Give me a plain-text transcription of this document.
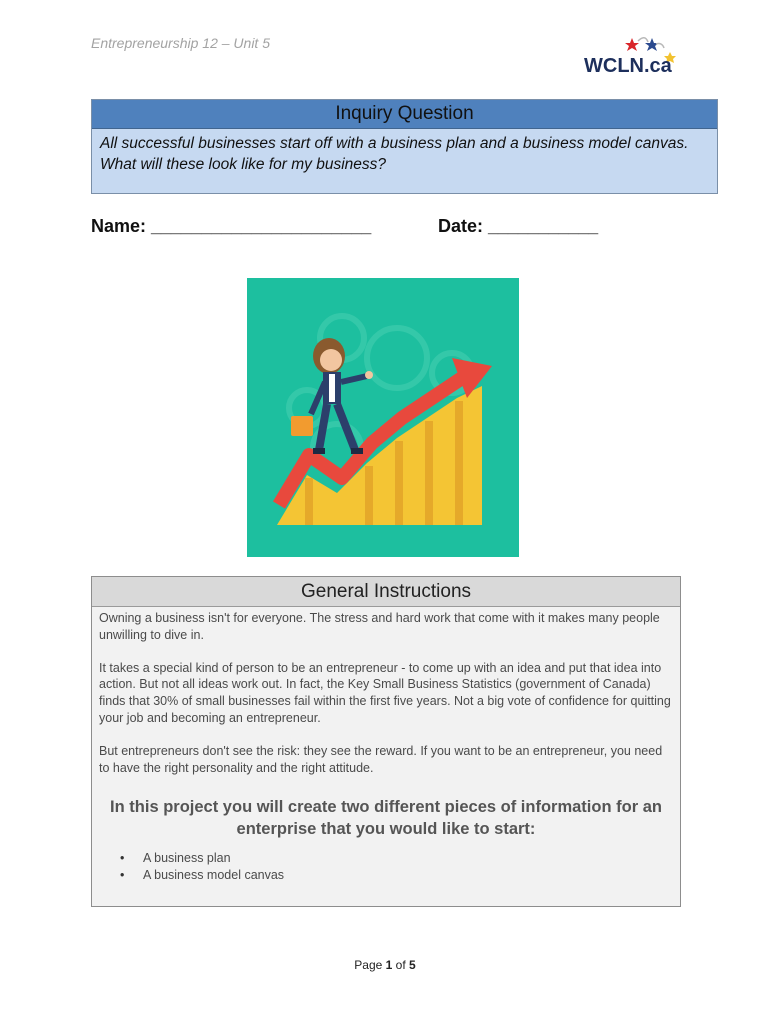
Entrepreneurship 12 – Unit 5
WCLN.ca
Inquiry Question
All successful businesses start off with a business plan and a business model canvas. What will these look like for my business?
Name: ______________________	Date: ___________
General Instructions

Owning a business isn't for everyone. The stress and hard work that come with it makes many people unwilling to dive in.

It takes a special kind of person to be an entrepreneur - to come up with an idea and put that idea into action. But not all ideas work out. In fact, the Key Small Business Statistics (government of Canada) finds that 30% of small businesses fail within the first five years. Not a big vote of confidence for quitting your job and becoming an entrepreneur.

But entrepreneurs don't see the risk: they see the reward. If you want to be an entrepreneur, you need to have the right personality and the right attitude.

In this project you will create two different pieces of information for an enterprise that you would like to start:

• A business plan
• A business model canvas
Page 1 of 5
